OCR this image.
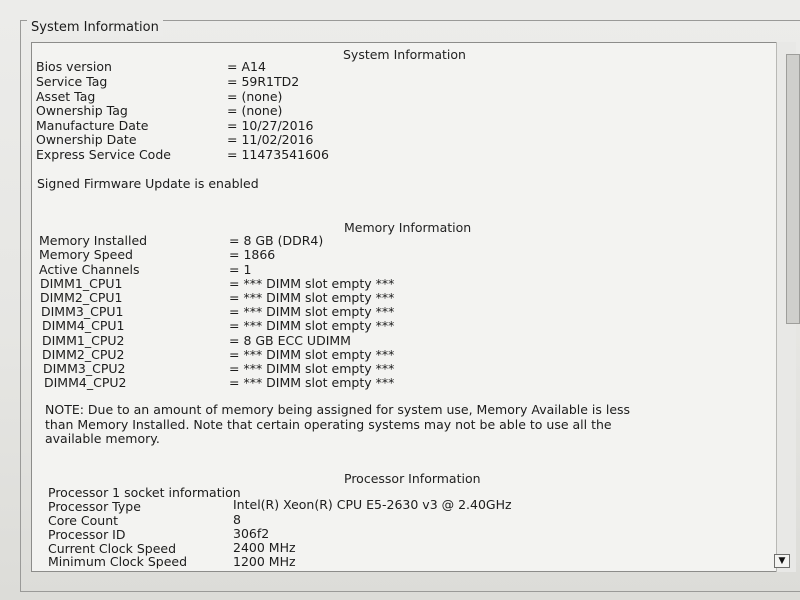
System Information
System Information
Bios version	= A14
Service Tag	= 59R1TD2
Asset Tag	= (none)
Ownership Tag	= (none)
Manufacture Date	= 10/27/2016
Ownership Date	= 11/02/2016
Express Service Code	= 11473541606
Signed Firmware Update is enabled
Memory Information
Memory Installed	= 8 GB (DDR4)
Memory Speed	= 1866
Active Channels	= 1
DIMM1_CPU1	= *** DIMM slot empty ***
DIMM2_CPU1	= *** DIMM slot empty ***
DIMM3_CPU1	= *** DIMM slot empty ***
DIMM4_CPU1	= *** DIMM slot empty ***
DIMM1_CPU2	= 8 GB ECC UDIMM
DIMM2_CPU2	= *** DIMM slot empty ***
DIMM3_CPU2	= *** DIMM slot empty ***
DIMM4_CPU2	= *** DIMM slot empty ***
NOTE: Due to an amount of memory being assigned for system use, Memory Available is less
than Memory Installed. Note that certain operating systems may not be able to use all the
available memory.
Processor Information
Processor 1 socket information
Processor Type	Intel(R) Xeon(R) CPU E5-2630 v3 @ 2.40GHz
Core Count	8
Processor ID	306f2
Current Clock Speed	2400 MHz
Minimum Clock Speed	1200 MHz	▼
